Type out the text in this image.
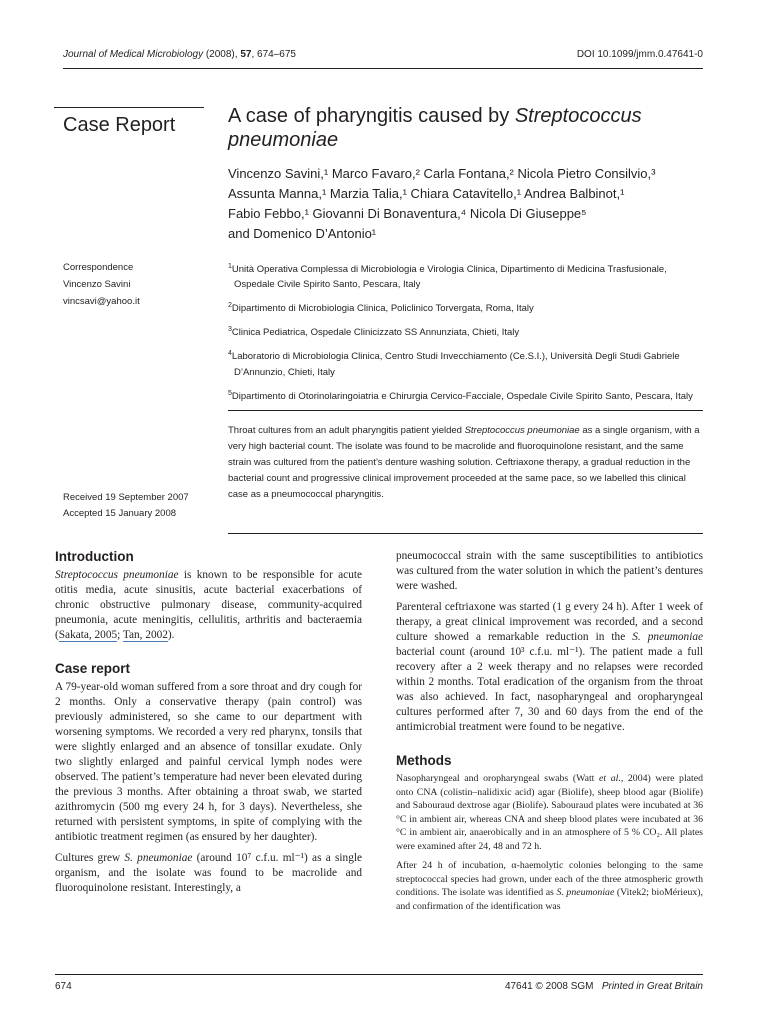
Journal of Medical Microbiology (2008), 57, 674–675	DOI 10.1099/jmm.0.47641-0
Case Report	A case of pharyngitis caused by Streptococcus pneumoniae
Vincenzo Savini,¹ Marco Favaro,² Carla Fontana,² Nicola Pietro Consilvio,³
Assunta Manna,¹ Marzia Talia,¹ Chiara Catavitello,¹ Andrea Balbinot,¹
Fabio Febbo,¹ Giovanni Di Bonaventura,⁴ Nicola Di Giuseppe⁵
and Domenico D’Antonio¹
Correspondence
Vincenzo Savini
vincsavi@yahoo.it
$^1$Unità Operativa Complessa di Microbiologia e Virologia Clinica, Dipartimento di Medicina Trasfusionale, Ospedale Civile Spirito Santo, Pescara, Italy
$^2$Dipartimento di Microbiologia Clinica, Policlinico Torvergata, Roma, Italy
$^3$Clinica Pediatrica, Ospedale Clinicizzato SS Annunziata, Chieti, Italy
$^4$Laboratorio di Microbiologia Clinica, Centro Studi Invecchiamento (Ce.S.I.), Università Degli Studi Gabriele D’Annunzio, Chieti, Italy
$^5$Dipartimento di Otorinolaringoiatria e Chirurgia Cervico-Facciale, Ospedale Civile Spirito Santo, Pescara, Italy
Throat cultures from an adult pharyngitis patient yielded Streptococcus pneumoniae as a single organism, with a very high bacterial count. The isolate was found to be macrolide and fluoroquinolone resistant, and the same strain was cultured from the patient’s denture washing solution. Ceftriaxone therapy, a gradual reduction in the bacterial count and progressive clinical improvement proceeded at the same pace, so we labelled this clinical case as a pneumococcal pharyngitis.
Received 19 September 2007
Accepted 15 January 2008
Introduction

Streptococcus pneumoniae is known to be responsible for acute otitis media, acute sinusitis, acute bacterial exacerbations of chronic obstructive pulmonary disease, community-acquired pneumonia, acute meningitis, cellulitis, arthritis and bacteraemia (Sakata, 2005; Tan, 2002).

Case report

A 79-year-old woman suffered from a sore throat and dry cough for 2 months. Only a conservative therapy (pain control) was previously administered, so she came to our department with worsening symptoms. We recorded a very red pharynx, tonsils that were slightly enlarged and an absence of tonsillar exudate. Only two slightly enlarged and painful cervical lymph nodes were observed. The patient’s temperature had never been elevated during the previous 3 months. After obtaining a throat swab, we started azithromycin (500 mg every 24 h, for 3 days). Nevertheless, she returned with persistent symptoms, in spite of complying with the antibiotic treatment regimen (as ensured by her daughter).

Cultures grew S. pneumoniae (around 10⁷ c.f.u. ml⁻¹) as a single organism, and the isolate was found to be macrolide and fluoroquinolone resistant. Interestingly, a

pneumococcal strain with the same susceptibilities to antibiotics was cultured from the water solution in which the patient’s dentures were washed.

Parenteral ceftriaxone was started (1 g every 24 h). After 1 week of therapy, a great clinical improvement was recorded, and a second culture showed a remarkable reduction in the S. pneumoniae bacterial count (around 10³ c.f.u. ml⁻¹). The patient made a full recovery after a 2 week therapy and no relapses were recorded within 2 months. Total eradication of the organism from the throat was also achieved. In fact, nasopharyngeal and oropharyngeal cultures performed after 7, 30 and 60 days from the end of the antimicrobial treatment were found to be negative.

Methods

Nasopharyngeal and oropharyngeal swabs (Watt et al., 2004) were plated onto CNA (colistin–nalidixic acid) agar (Biolife), sheep blood agar (Biolife) and Sabouraud dextrose agar (Biolife). Sabouraud plates were incubated at 36 °C in ambient air, whereas CNA and sheep blood plates were incubated at 36 °C in ambient air, anaerobically and in an atmosphere of 5 % CO₂. All plates were examined after 24, 48 and 72 h.

After 24 h of incubation, α-haemolytic colonies belonging to the same streptococcal species had grown, under each of the three atmospheric growth conditions. The isolate was identified as S. pneumoniae (Vitek2; bioMérieux), and confirmation of the identification was

674	47641 © 2008 SGM Printed in Great Britain
